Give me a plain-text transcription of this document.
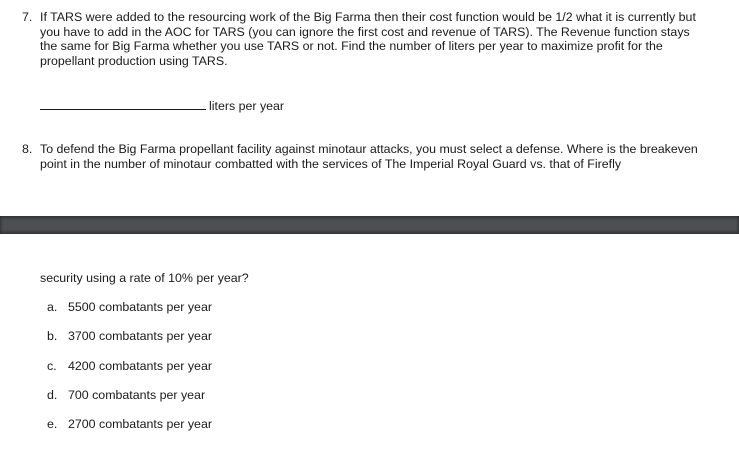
7. If TARS were added to the resourcing work of the Big Farma then their cost function would be 1/2 what it is currently but you have to add in the AOC for TARS (you can ignore the first cost and revenue of TARS). The Revenue function stays the same for Big Farma whether you use TARS or not. Find the number of liters per year to maximize profit for the propellant production using TARS.
liters per year
8. To defend the Big Farma propellant facility against minotaur attacks, you must select a defense. Where is the breakeven point in the number of minotaur combatted with the services of The Imperial Royal Guard vs. that of Firefly
security using a rate of 10% per year?
a. 5500 combatants per year
b. 3700 combatants per year
c. 4200 combatants per year
d. 700 combatants per year
e. 2700 combatants per year
